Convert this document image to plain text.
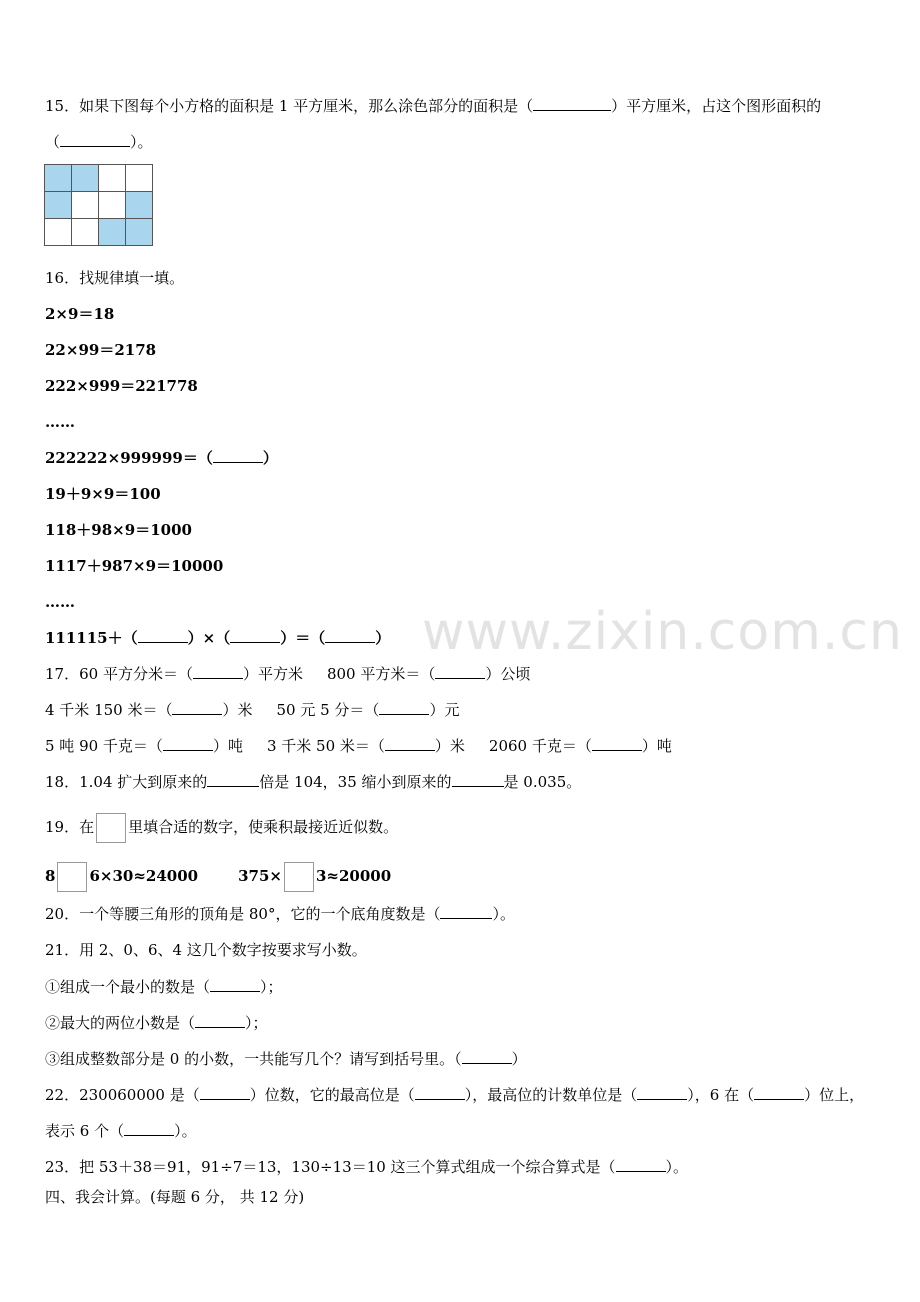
www.zixin.com.cn
15．如果下图每个小方格的面积是 1 平方厘米，那么涂色部分的面积是（	）平方厘米，占这个图形面积的
（	）。

16．找规律填一填。
2×9＝18
22×99＝2178
222×999＝221778
……
222222×999999＝（	）
19＋9×9＝100
118＋98×9＝1000
1117＋987×9＝10000
……
111115＋（	）×（	）＝（	）
17．60 平方分米＝（	）平方米 800 平方米＝（	）公顷
4 千米 150 米＝（	）米 50 元 5 分＝（	）元
5 吨 90 千克＝（	）吨 3 千米 50 米＝（	）米 2060 千克＝（	）吨
18．1.04 扩大到原来的	倍是 104，35 缩小到原来的	是 0.035。
19．在 里填合适的数字，使乘积最接近近似数。
8 6×30≈24000	375× 3≈20000
20．一个等腰三角形的顶角是 80°，它的一个底角度数是（	）。
21．用 2、0、6、4 这几个数字按要求写小数。
①组成一个最小的数是（	）；
②最大的两位小数是（	）；
③组成整数部分是 0 的小数，一共能写几个？请写到括号里。（	）
22．230060000 是（	）位数，它的最高位是（	），最高位的计数单位是（	），6 在（	）位上，
表示 6 个（	）。
23．把 53＋38＝91，91÷7＝13，130÷13＝10 这三个算式组成一个综合算式是（	）。
四、我会计算。(每题 6 分， 共 12 分)
